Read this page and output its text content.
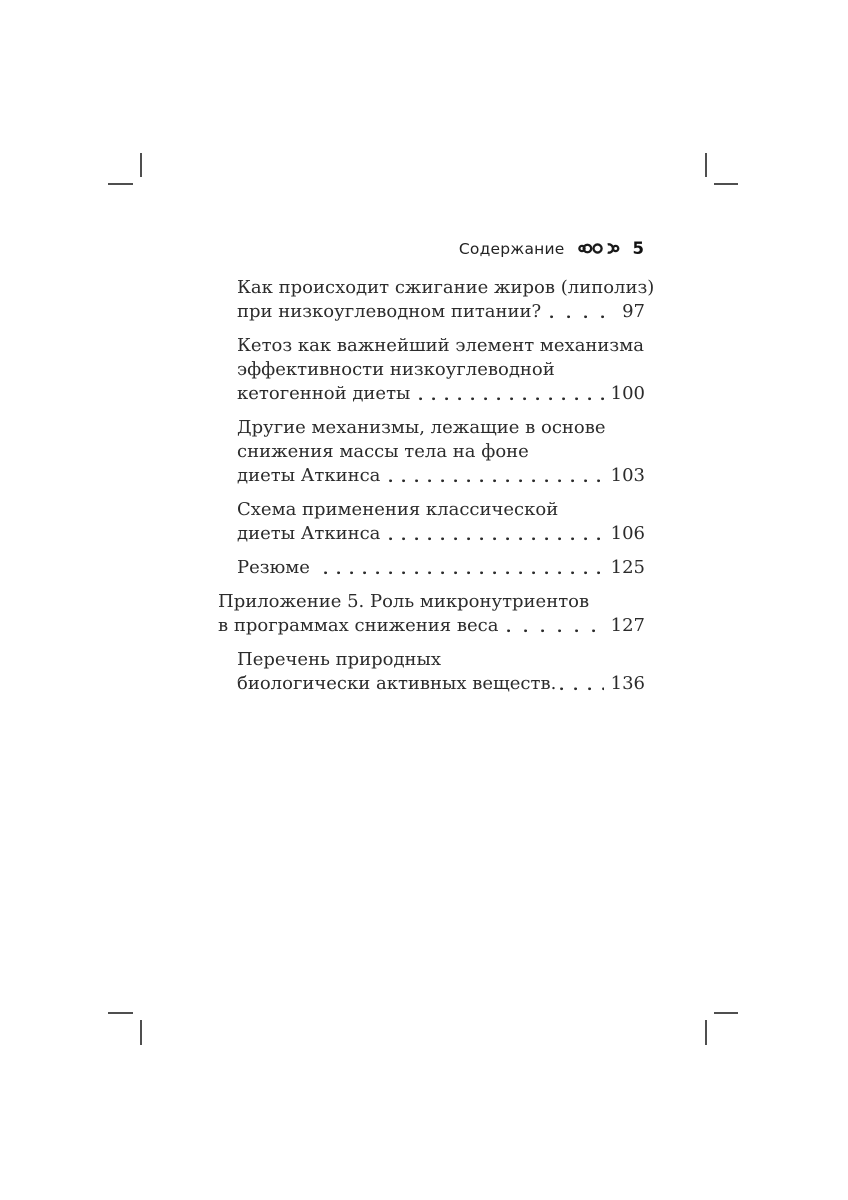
Содержание	5
Как происходит сжигание жиров (липолиз)
при низкоуглеводном питании?	97
Кетоз как важнейший элемент механизма
эффективности низкоуглеводной
кетогенной диеты	100
Другие механизмы, лежащие в основе
снижения массы тела на фоне
диеты Аткинса	103
Схема применения классической
диеты Аткинса	106
Резюме	125
Приложение 5. Роль микронутриентов
в программах снижения веса	127
Перечень природных
биологически активных веществ.	136
